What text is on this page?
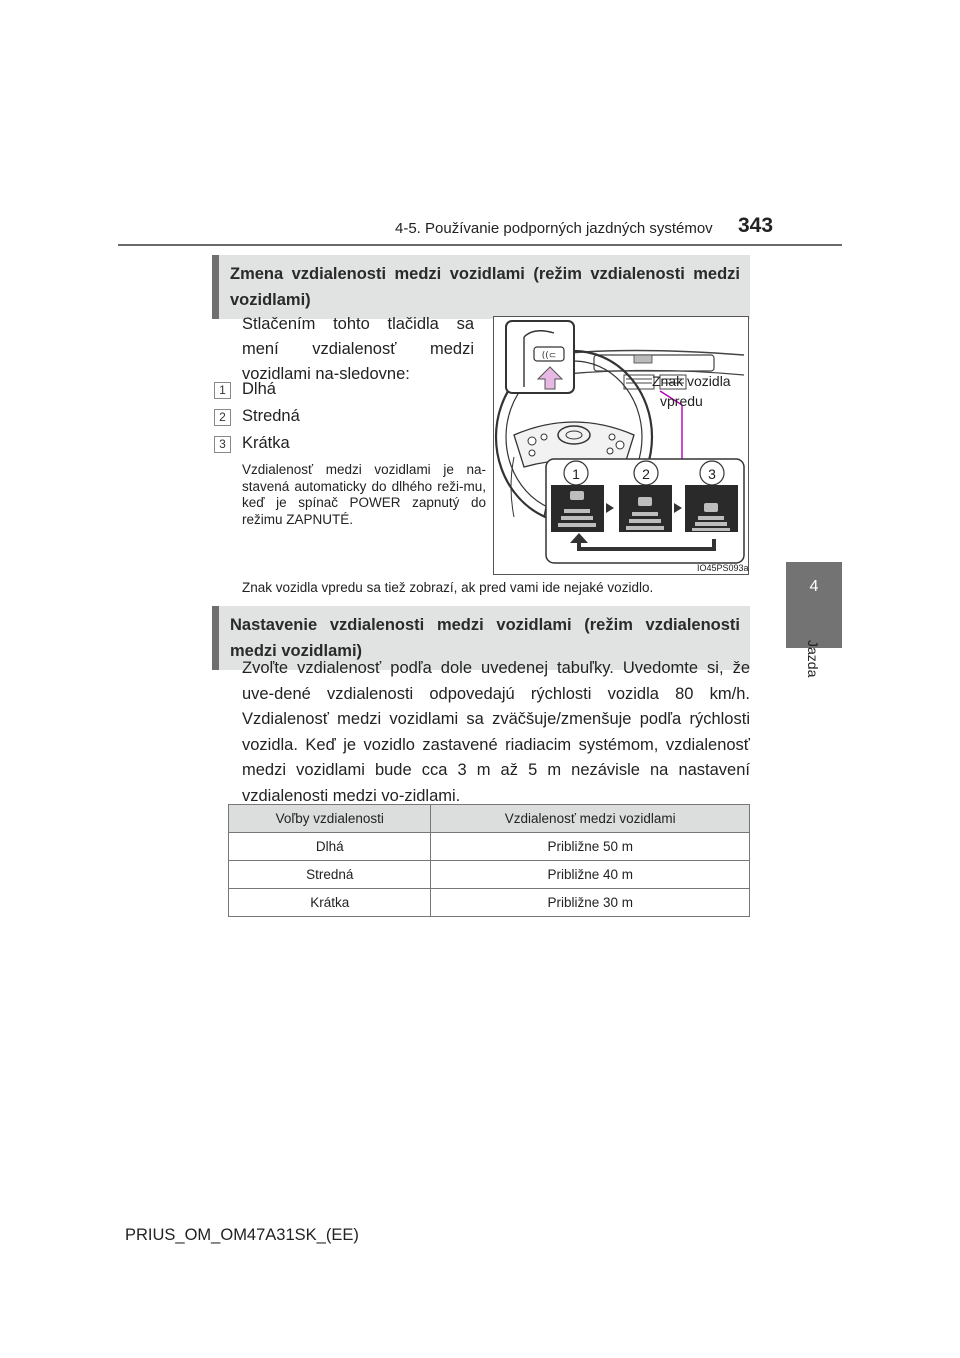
4-5. Používanie podporných jazdných systémov 343
4
Jazda
Zmena vzdialenosti medzi vozidlami (režim vzdialenosti medzi vozidlami)
Stlačením tohto tlačidla sa mení vzdialenosť medzi vozidlami na-sledovne:
1 Dlhá
2 Stredná
3 Krátka
Vzdialenosť medzi vozidlami je na-stavená automaticky do dlhého reži-mu, keď je spínač POWER zapnutý do režimu ZAPNUTÉ.
((⊂
Znak vozidla
vpredu
1	2	3
IO45PS093a
Znak vozidla vpredu sa tiež zobrazí, ak pred vami ide nejaké vozidlo.
Nastavenie vzdialenosti medzi vozidlami (režim vzdialenosti medzi vozidlami)
Zvoľte vzdialenosť podľa dole uvedenej tabuľky. Uvedomte si, že uve-dené vzdialenosti odpovedajú rýchlosti vozidla 80 km/h. Vzdialenosť medzi vozidlami sa zväčšuje/zmenšuje podľa rýchlosti vozidla. Keď je vozidlo zastavené riadiacim systémom, vzdialenosť medzi vozidlami bude cca 3 m až 5 m nezávisle na nastavení vzdialenosti medzi vo-zidlami.
Voľby vzdialenosti	Vzdialenosť medzi vozidlami
Dlhá	Približne 50 m
Stredná	Približne 40 m
Krátka	Približne 30 m
PRIUS_OM_OM47A31SK_(EE)
